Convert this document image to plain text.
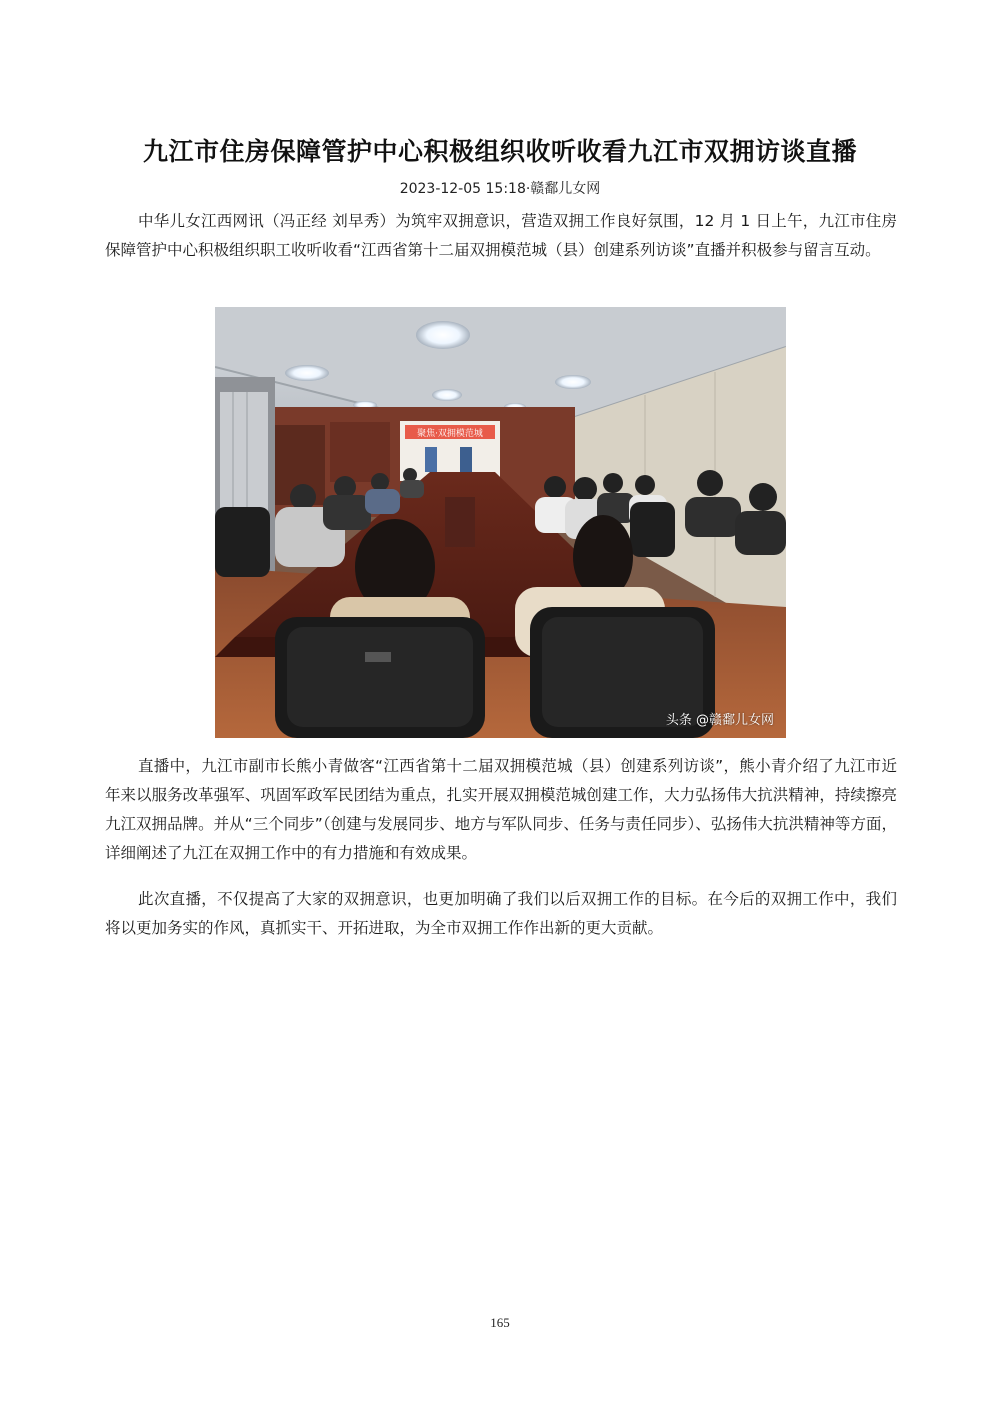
九江市住房保障管护中心积极组织收听收看九江市双拥访谈直播
2023-12-05 15:18·赣鄱儿女网

中华儿女江西网讯（冯正经 刘早秀）为筑牢双拥意识，营造双拥工作良好氛围，12 月 1 日上午，九江市住房保障管护中心积极组织职工收听收看“江西省第十二届双拥模范城（县）创建系列访谈”直播并积极参与留言互动。

聚焦·双拥模范城
头条 @赣鄱儿女网

直播中，九江市副市长熊小青做客“江西省第十二届双拥模范城（县）创建系列访谈”，熊小青介绍了九江市近年来以服务改革强军、巩固军政军民团结为重点，扎实开展双拥模范城创建工作，大力弘扬伟大抗洪精神，持续擦亮九江双拥品牌。并从“三个同步”（创建与发展同步、地方与军队同步、任务与责任同步）、弘扬伟大抗洪精神等方面，详细阐述了九江在双拥工作中的有力措施和有效成果。

此次直播，不仅提高了大家的双拥意识，也更加明确了我们以后双拥工作的目标。在今后的双拥工作中，我们将以更加务实的作风，真抓实干、开拓进取，为全市双拥工作作出新的更大贡献。

165
